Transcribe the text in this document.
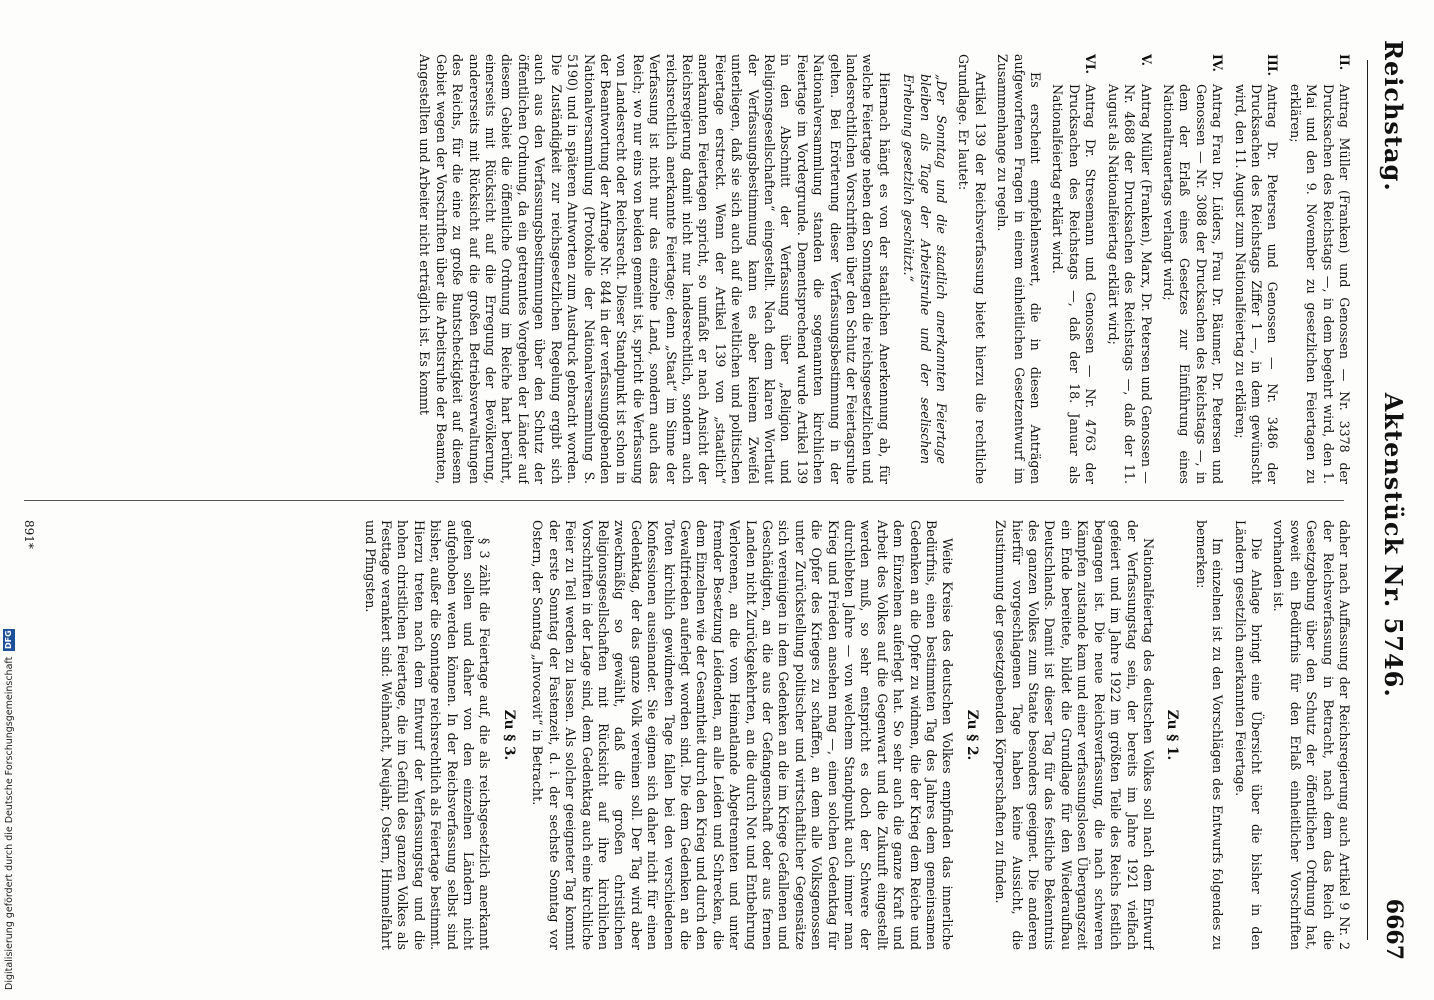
Reichstag.
Aktenstück Nr. 5746.
6667
II.
Antrag Müller (Franken) und Genossen — Nr. 3378 der Drucksachen des Reichstags —, in dem begehrt wird, den 1. Mai und den 9. November zu gesetzlichen Feiertagen zu erklären;
III.
Antrag Dr. Petersen und Genossen — Nr. 3486 der Drucksachen des Reichstags Ziffer 1 —, in dem gewünscht wird, den 11. August zum Nationalfeiertag zu erklären;
IV.
Antrag Frau Dr. Lüders, Frau Dr. Bäumer, Dr. Petersen und Genossen — Nr. 3088 der Drucksachen des Reichstags —, in dem der Erlaß eines Gesetzes zur Einführung eines Nationaltrauertags verlangt wird;
V.
Antrag Müller (Franken), Marx, Dr. Petersen und Genossen — Nr. 4688 der Drucksachen des Reichstags —, daß der 11. August als Nationalfeiertag erklärt wird;
VI.
Antrag Dr. Stresemann und Genossen — Nr. 4763 der Drucksachen des Reichstags —, daß der 18. Januar als Nationalfeiertag erklärt wird.

Es erscheint empfehlenswert, die in diesen Anträgen aufgeworfenen Fragen in einem einheitlichen Gesetzentwurf im Zusammenhange zu regeln.

Artikel 139 der Reichsverfassung bietet hierzu die rechtliche Grundlage. Er lautet:

„Der Sonntag und die staatlich anerkannten Feiertage bleiben als Tage der Arbeitsruhe und der seelischen Erhebung gesetzlich geschützt.“

Hiernach hängt es von der staatlichen Anerkennung ab, für welche Feiertage neben den Sonntagen die reichsgesetzlichen und landesrechtlichen Vorschriften über den Schutz der Feiertagsruhe gelten. Bei Erörterung dieser Verfassungsbestimmung in der Nationalversammlung standen die sogenannten kirchlichen Feiertage im Vordergrunde. Dementsprechend wurde Artikel 139 in den Abschnitt der Verfassung über „Religion und Religionsgesellschaften“ eingestellt. Nach dem klaren Wortlaut der Verfassungsbestimmung kann es aber keinem Zweifel unterliegen, daß sie sich auch auf die weltlichen und politischen Feiertage erstreckt. Wenn der Artikel 139 von „staatlich“ anerkannten Feiertagen spricht, so umfaßt er nach Ansicht der Reichsregierung damit nicht nur landesrechtlich, sondern auch reichsrechtlich anerkannte Feiertage; denn „Staat“ im Sinne der Verfassung ist nicht nur das einzelne Land, sondern auch das Reich; wo nur eins von beiden gemeint ist, spricht die Verfassung von Landesrecht oder Reichsrecht. Dieser Standpunkt ist schon in der Beantwortung der Anfrage Nr. 844 in der verfassunggebenden Nationalversammlung (Protokolle der Nationalversammlung S. 5190) und in späteren Antworten zum Ausdruck gebracht worden. Die Zuständigkeit zur reichsgesetzlichen Regelung ergibt sich auch aus den Verfassungsbestimmungen über den Schutz der öffentlichen Ordnung, da ein getrenntes Vorgehen der Länder auf diesem Gebiet die öffentliche Ordnung im Reiche hart berührt, einerseits mit Rücksicht auf die Erregung der Bevölkerung, andererseits mit Rücksicht auf die großen Betriebsverwaltungen des Reichs, für die eine zu große Buntscheckigkeit auf diesem Gebiet wegen der Vorschriften über die Arbeitsruhe der Beamten, Angestellten und Arbeiter nicht erträglich ist. Es kommt

daher nach Auffassung der Reichsregierung auch Artikel 9 Nr. 2 der Reichsverfassung in Betracht, nach dem das Reich die Gesetzgebung über den Schutz der öffentlichen Ordnung hat, soweit ein Bedürfnis für den Erlaß einheitlicher Vorschriften vorhanden ist.

Die Anlage bringt eine Übersicht über die bisher in den Ländern gesetzlich anerkannten Feiertage.

Im einzelnen ist zu den Vorschlägen des Entwurfs folgendes zu bemerken:

Zu § 1.

Nationalfeiertag des deutschen Volkes soll nach dem Entwurf der Verfassungstag sein, der bereits im Jahre 1921 vielfach gefeiert und im Jahre 1922 im größten Teile des Reichs festlich begangen ist. Die neue Reichsverfassung, die nach schweren Kämpfen zustande kam und einer verfassungslosen Übergangszeit ein Ende bereitete, bildet die Grundlage für den Wiederaufbau Deutschlands. Damit ist dieser Tag für das festliche Bekenntnis des ganzen Volkes zum Staate besonders geeignet. Die anderen hierfür vorgeschlagenen Tage haben keine Aussicht, die Zustimmung der gesetzgebenden Körperschaften zu finden.

Zu § 2.

Weite Kreise des deutschen Volkes empfinden das innerliche Bedürfnis, einen bestimmten Tag des Jahres dem gemeinsamen Gedenken an die Opfer zu widmen, die der Krieg dem Reiche und dem Einzelnen auferlegt hat. So sehr auch die ganze Kraft und Arbeit des Volkes auf die Gegenwart und die Zukunft eingestellt werden muß, so sehr entspricht es doch der Schwere der durchlebten Jahre — von welchem Standpunkt auch immer man Krieg und Frieden ansehen mag —, einen solchen Gedenktag für die Opfer des Krieges zu schaffen, an dem alle Volksgenossen unter Zurückstellung politischer und wirtschaftlicher Gegensätze sich vereinigen in dem Gedenken an die im Kriege Gefallenen und Geschädigten, an die aus der Gefangenschaft oder aus fernen Landen nicht Zurückgekehrten, an die durch Not und Entbehrung Verlorenen, an die vom Heimatlande Abgetrennten und unter fremder Besetzung Leidenden, an alle Leiden und Schrecken, die dem Einzelnen wie der Gesamtheit durch den Krieg und durch den Gewaltfrieden auferlegt worden sind. Die dem Gedenken an die Toten kirchlich gewidmeten Tage fallen bei den verschiedenen Konfessionen auseinander. Sie eignen sich daher nicht für einen Gedenktag, der das ganze Volk vereinen soll. Der Tag wird aber zweckmäßig so gewählt, daß die großen christlichen Religionsgesellschaften mit Rücksicht auf ihre kirchlichen Vorschriften in der Lage sind, dem Gedenktag auch eine kirchliche Feier zu Teil werden zu lassen. Als solcher geeigneter Tag kommt der erste Sonntag der Fastenzeit, d. i. der sechste Sonntag vor Ostern, der Sonntag „Invocavit“ in Betracht.

Zu § 3.

§ 3 zählt die Feiertage auf, die als reichsgesetzlich anerkannt gelten sollen und daher von den einzelnen Ländern nicht aufgehoben werden können. In der Reichsverfassung selbst sind bisher, außer die Sonntage reichsrechtlich als Feiertage bestimmt. Hierzu treten nach dem Entwurf der Verfassungstag und die hohen christlichen Feiertage, die im Gefühl des ganzen Volkes als Festtage verankert sind: Weihnacht, Neujahr, Ostern, Himmelfahrt und Pfingsten.

891*
Digitalisierung gefördert durch die Deutsche Forschungsgemeinschaft
DFG
